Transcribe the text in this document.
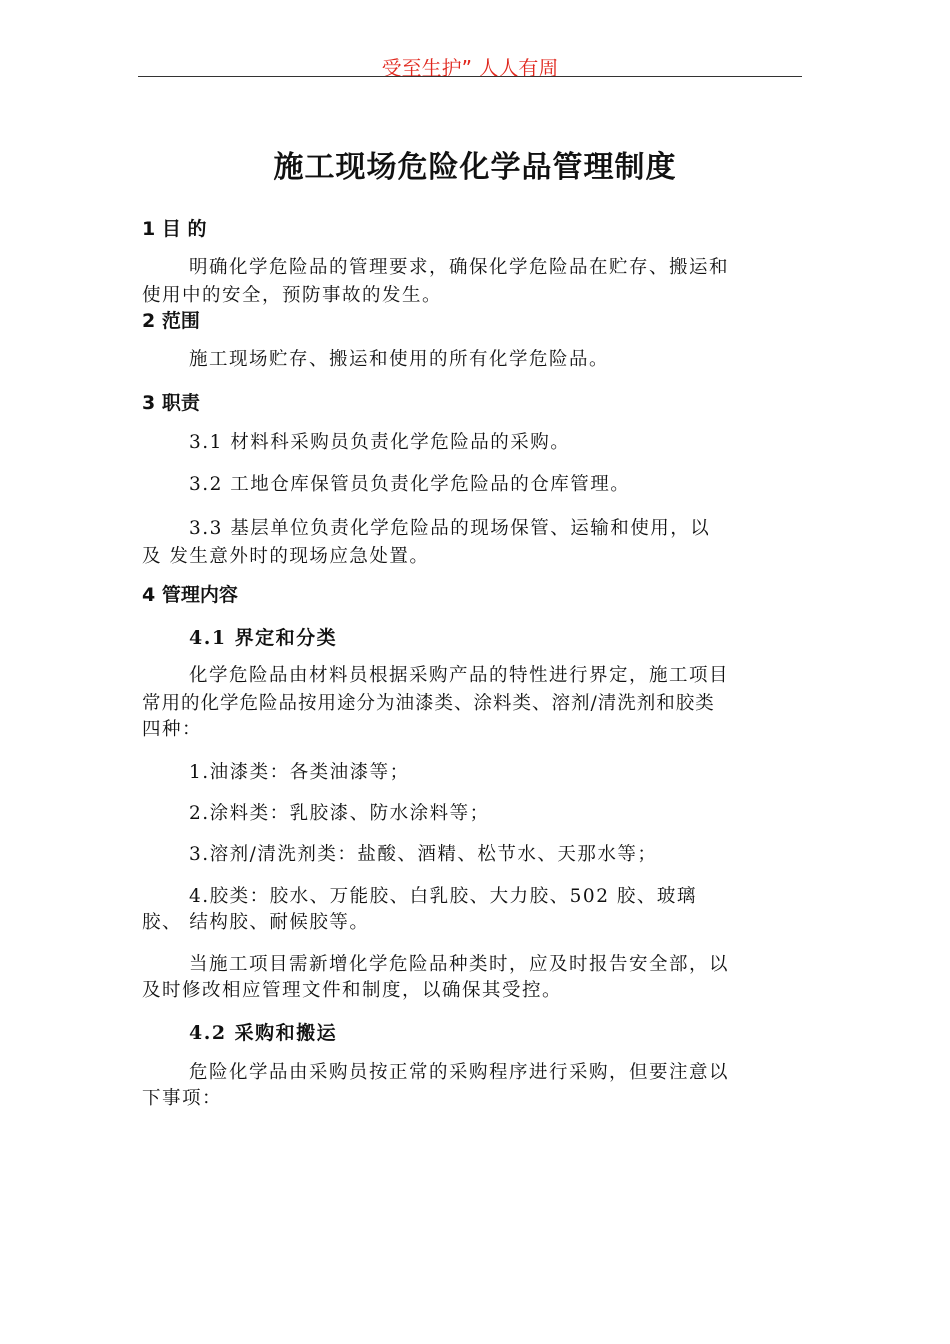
受至生护” 人人有周
施工现场危险化学品管理制度
1 目 的
明确化学危险品的管理要求，确保化学危险品在贮存、搬运和
使用中的安全，预防事故的发生。
2 范围
施工现场贮存、搬运和使用的所有化学危险品。
3 职责
3.1 材料科采购员负责化学危险品的采购。
3.2 工地仓库保管员负责化学危险品的仓库管理。
3.3 基层单位负责化学危险品的现场保管、运输和使用，以
及 发生意外时的现场应急处置。
4 管理内容
4.1 界定和分类
化学危险品由材料员根据采购产品的特性进行界定，施工项目
常用的化学危险品按用途分为油漆类、涂料类、溶剂/清洗剂和胶类
四种：
1.油漆类：各类油漆等；
2.涂料类：乳胶漆、防水涂料等；
3.溶剂/清洗剂类：盐酸、酒精、松节水、天那水等；
4.胶类：胶水、万能胶、白乳胶、大力胶、502 胶、玻璃
胶、 结构胶、耐候胶等。
当施工项目需新增化学危险品种类时，应及时报告安全部，以
及时修改相应管理文件和制度，以确保其受控。
4.2 采购和搬运
危险化学品由采购员按正常的采购程序进行采购，但要注意以
下事项：
